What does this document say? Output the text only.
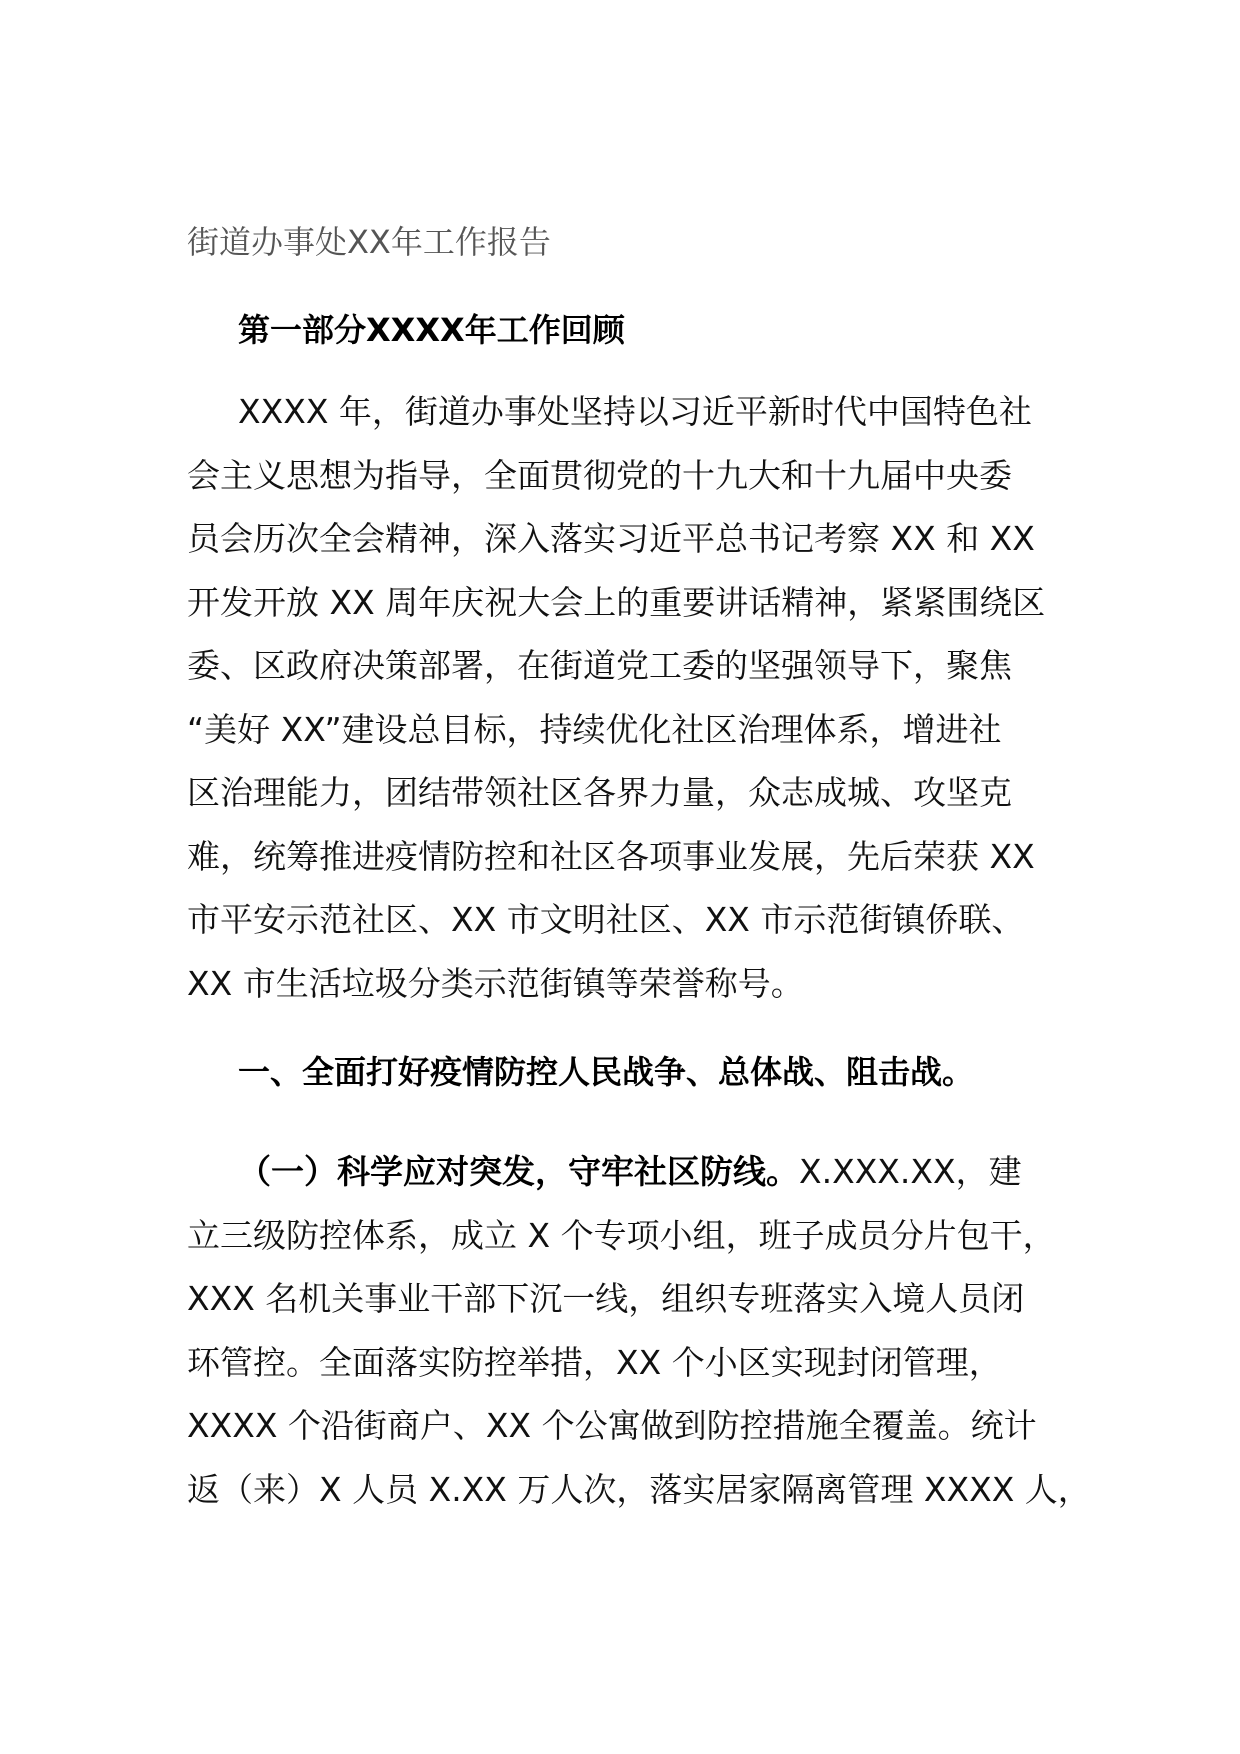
街道办事处XX年工作报告
第一部分XXXX年工作回顾
XXXX 年，街道办事处坚持以习近平新时代中国特色社
会主义思想为指导，全面贯彻党的十九大和十九届中央委
员会历次全会精神，深入落实习近平总书记考察 XX 和 XX
开发开放 XX 周年庆祝大会上的重要讲话精神，紧紧围绕区
委、区政府决策部署，在街道党工委的坚强领导下，聚焦
“美好 XX”建设总目标，持续优化社区治理体系，增进社
区治理能力，团结带领社区各界力量，众志成城、攻坚克
难，统筹推进疫情防控和社区各项事业发展，先后荣获 XX
市平安示范社区、XX 市文明社区、XX 市示范街镇侨联、
XX 市生活垃圾分类示范街镇等荣誉称号。
一、全面打好疫情防控人民战争、总体战、阻击战。
（一）科学应对突发，守牢社区防线。X.XXX.XX，建
立三级防控体系，成立 X 个专项小组，班子成员分片包干，
XXX 名机关事业干部下沉一线，组织专班落实入境人员闭
环管控。全面落实防控举措，XX 个小区实现封闭管理，
XXXX 个沿街商户、XX 个公寓做到防控措施全覆盖。统计
返（来）X 人员 X.XX 万人次，落实居家隔离管理 XXXX 人，
